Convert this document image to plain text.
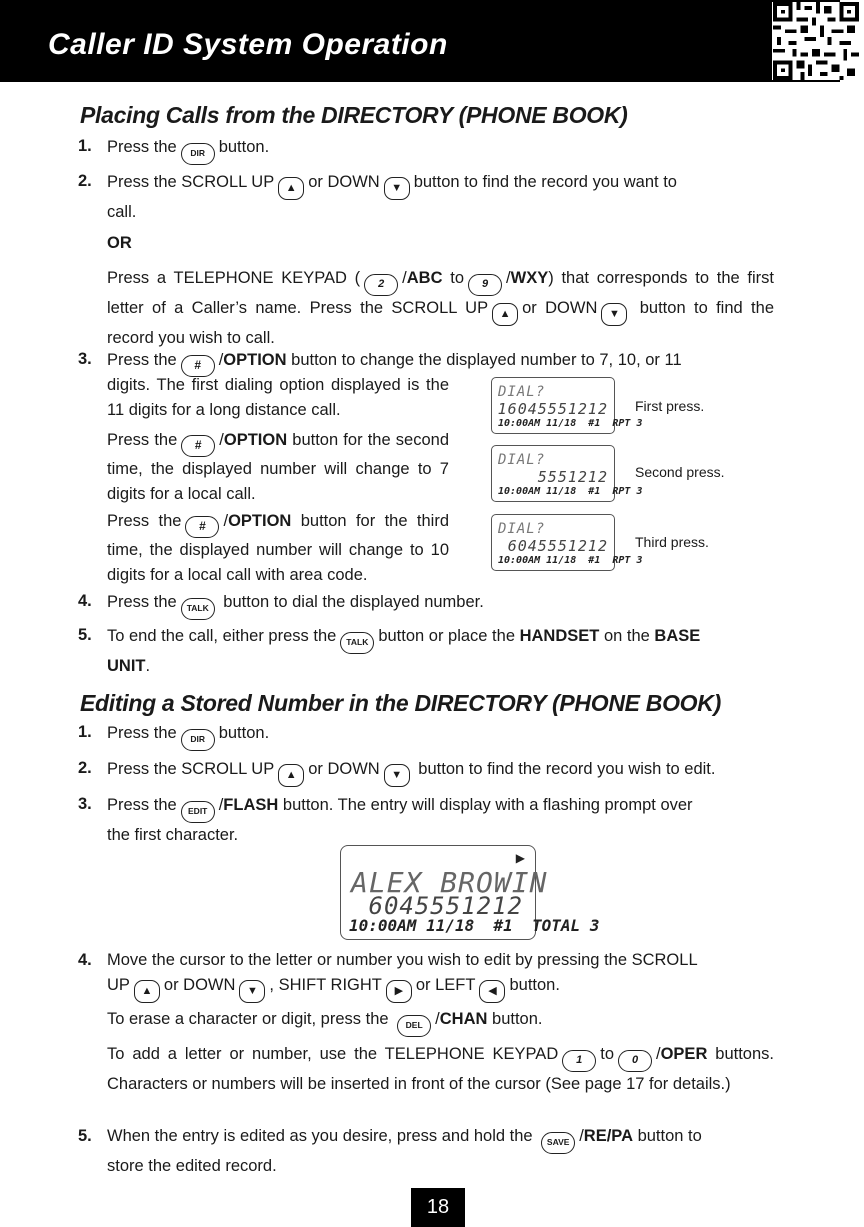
Caller ID System Operation
Placing Calls from the DIRECTORY (PHONE BOOK)
1. Press the DIR button.
2. Press the SCROLL UP ▲ or DOWN ▼ button to find the record you want to
call.
OR
Press a TELEPHONE KEYPAD ( 2 /ABC to 9 /WXY) that corresponds to the first letter of a Caller’s name. Press the SCROLL UP ▲ or DOWN ▼ button to find the record you wish to call.
3. Press the # /OPTION button to change the displayed number to 7, 10, or 11
digits. The first dialing option displayed is the 11 digits for a long distance call.
Press the # /OPTION button for the second time, the displayed number will change to 7 digits for a local call.
Press the # /OPTION button for the third time, the displayed number will change to 10 digits for a local call with area code.
DIAL?
16045551212
10:00AM 11/18  #1  RPT 3
First press.
DIAL?
5551212
10:00AM 11/18  #1  RPT 3
Second press.
DIAL?
6045551212
10:00AM 11/18  #1  RPT 3
Third press.
4. Press the TALK button to dial the displayed number.
5. To end the call, either press the TALK button or place the HANDSET on the BASE
UNIT.
Editing a Stored Number in the DIRECTORY (PHONE BOOK)
1. Press the DIR button.
2. Press the SCROLL UP ▲ or DOWN ▼ button to find the record you wish to edit.
3. Press the EDIT /FLASH button. The entry will display with a flashing prompt over
the first character.
▶
ALEX BROWIN
6045551212
10:00AM 11/18  #1  TOTAL 3
4. Move the cursor to the letter or number you wish to edit by pressing the SCROLL
UP ▲ or DOWN ▼ , SHIFT RIGHT ▶ or LEFT ◀ button.
To erase a character or digit, press the DEL /CHAN button.
To add a letter or number, use the TELEPHONE KEYPAD 1 to 0 /OPER buttons. Characters or numbers will be inserted in front of the cursor (See page 17 for details.)
5. When the entry is edited as you desire, press and hold the SAVE /RE/PA button to
store the edited record.
18
